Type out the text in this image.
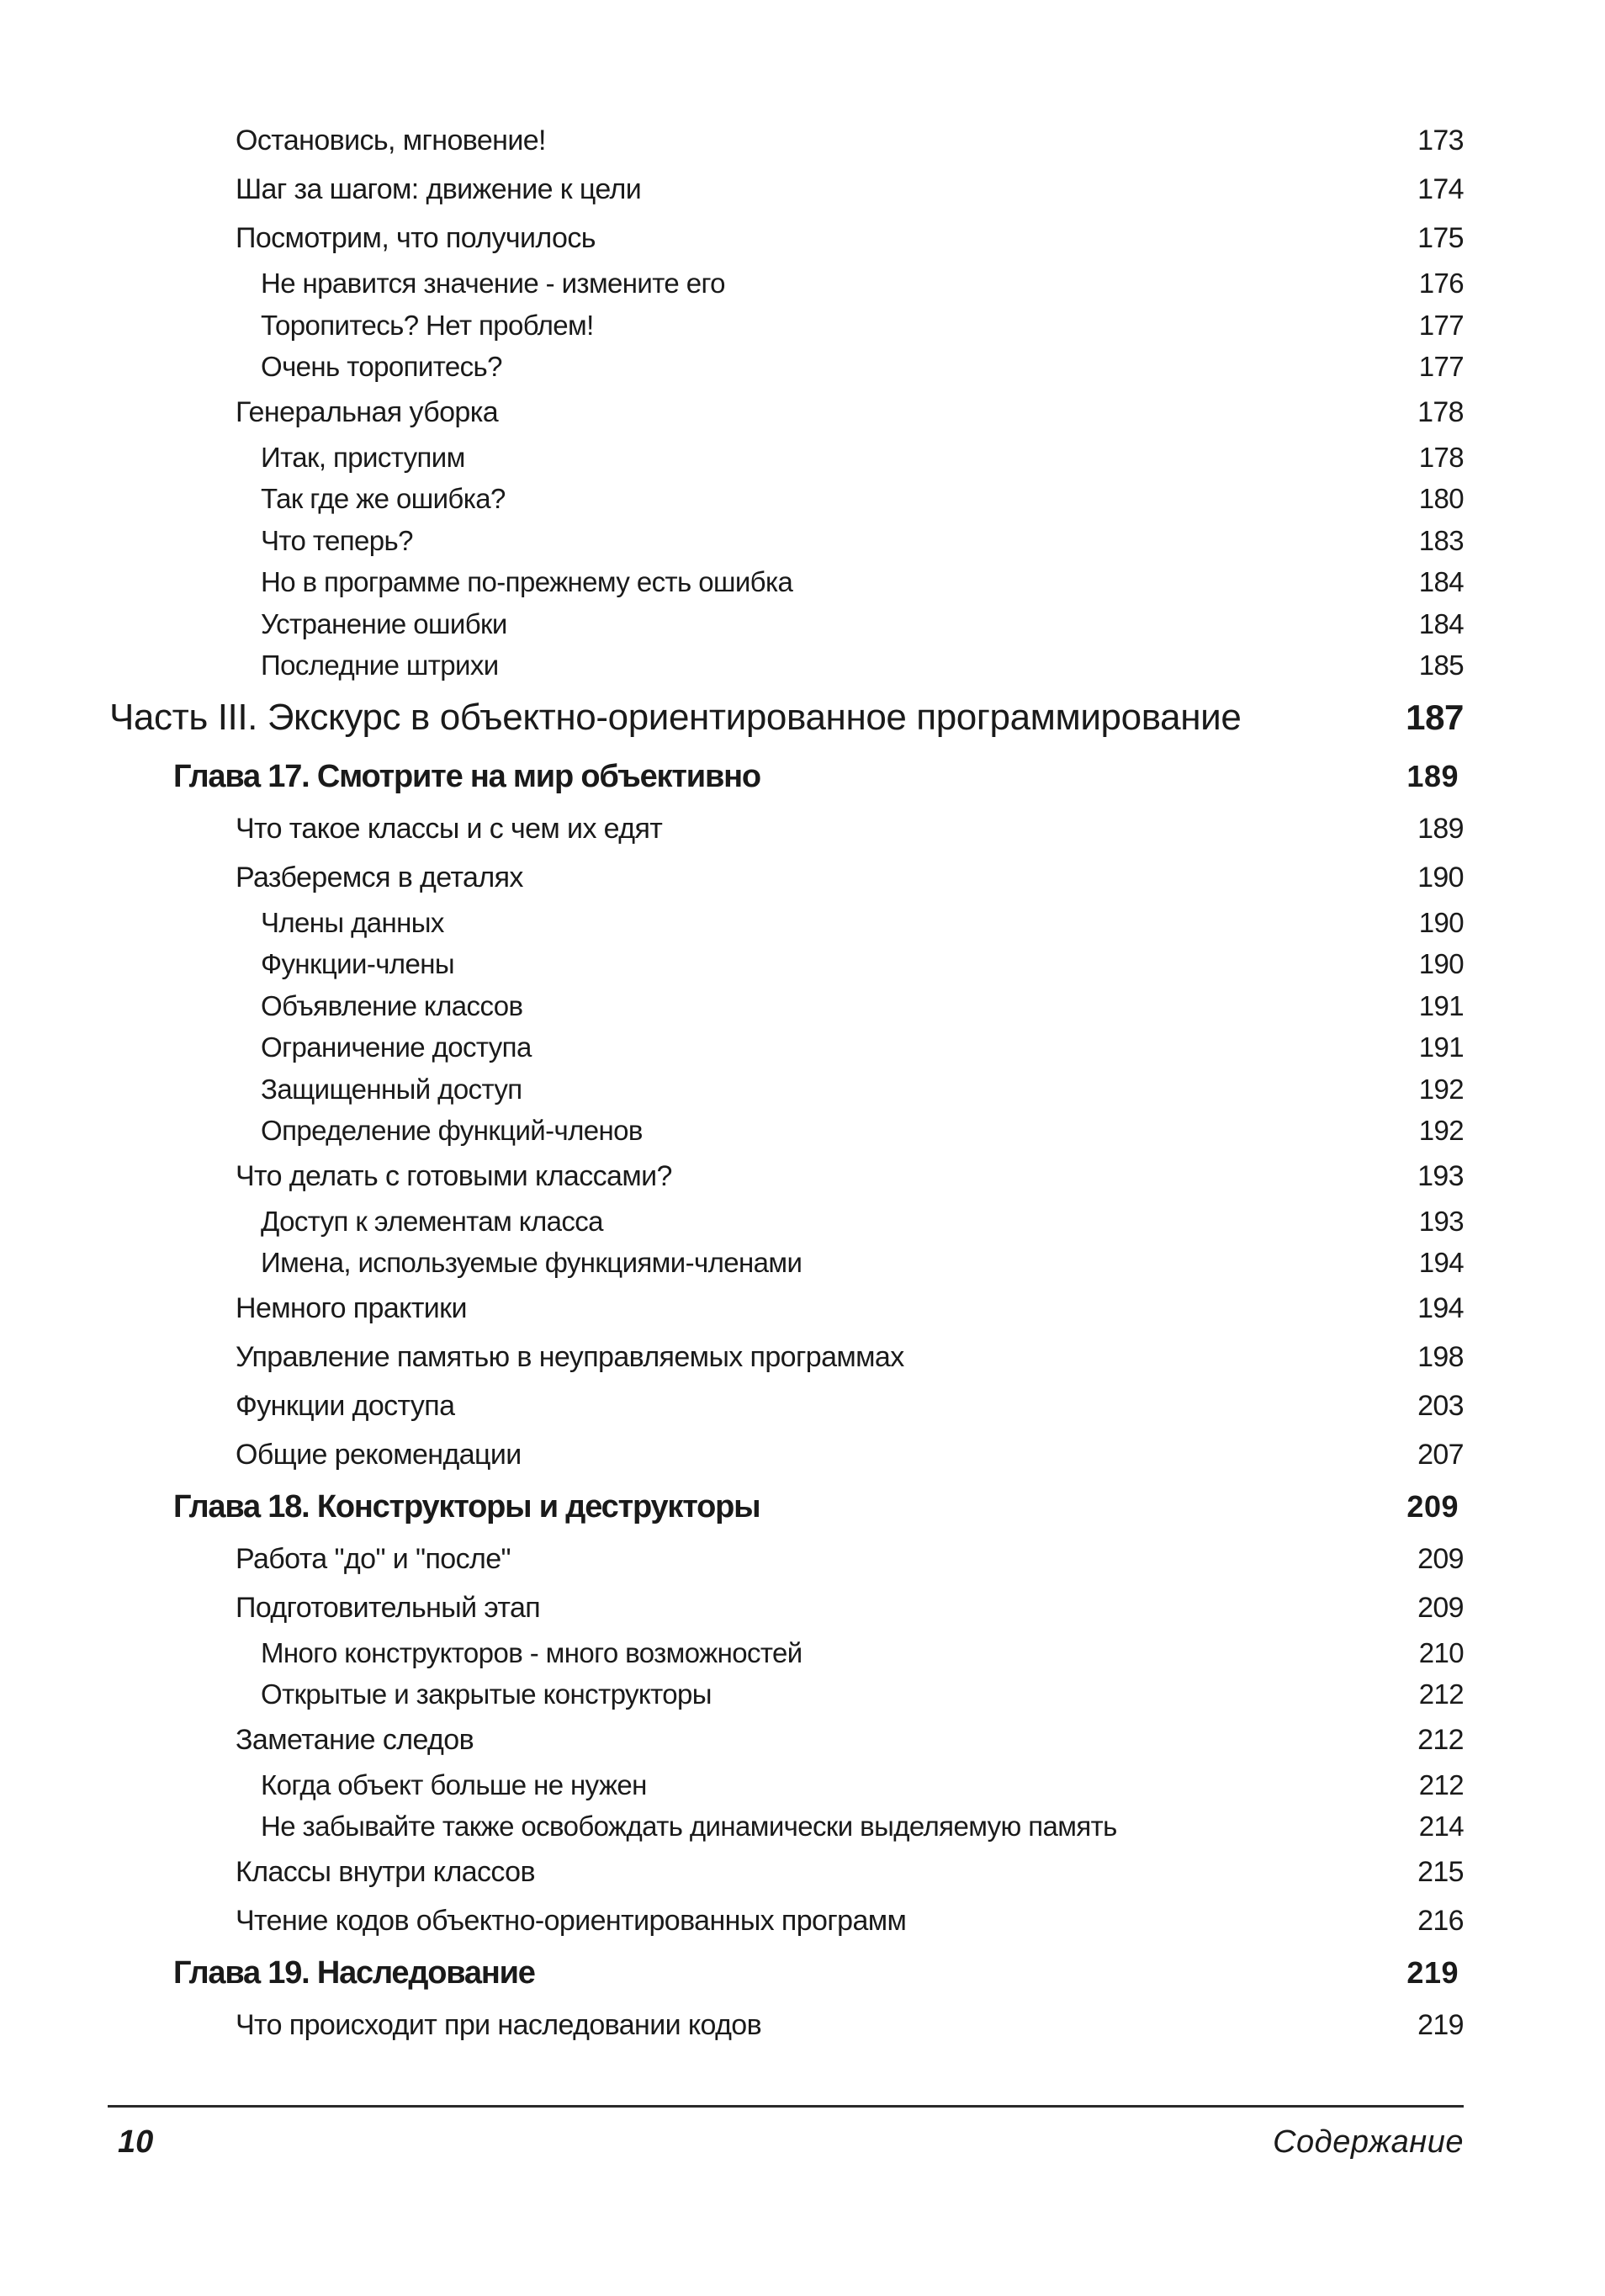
Остановись, мгновение!	173
Шаг за шагом: движение к цели	174
Посмотрим, что получилось	175
Не нравится значение - измените его	176
Торопитесь? Нет проблем!	177
Очень торопитесь?	177
Генеральная уборка	178
Итак, приступим	178
Так где же ошибка?	180
Что теперь?	183
Но в программе по-прежнему есть ошибка	184
Устранение ошибки	184
Последние штрихи	185
Часть III. Экскурс в объектно-ориентированное программирование	187
Глава 17. Смотрите на мир объективно	189
Что такое классы и с чем их едят	189
Разберемся в деталях	190
Члены данных	190
Функции-члены	190
Объявление классов	191
Ограничение доступа	191
Защищенный доступ	192
Определение функций-членов	192
Что делать с готовыми классами?	193
Доступ к элементам класса	193
Имена, используемые функциями-членами	194
Немного практики	194
Управление памятью в неуправляемых программах	198
Функции доступа	203
Общие рекомендации	207
Глава 18. Конструкторы и деструкторы	209
Работа "до" и "после"	209
Подготовительный этап	209
Много конструкторов - много возможностей	210
Открытые и закрытые конструкторы	212
Заметание следов	212
Когда объект больше не нужен	212
Не забывайте также освобождать динамически выделяемую память	214
Классы внутри классов	215
Чтение кодов объектно-ориентированных программ	216
Глава 19. Наследование	219
Что происходит при наследовании кодов	219
10	Содержание
